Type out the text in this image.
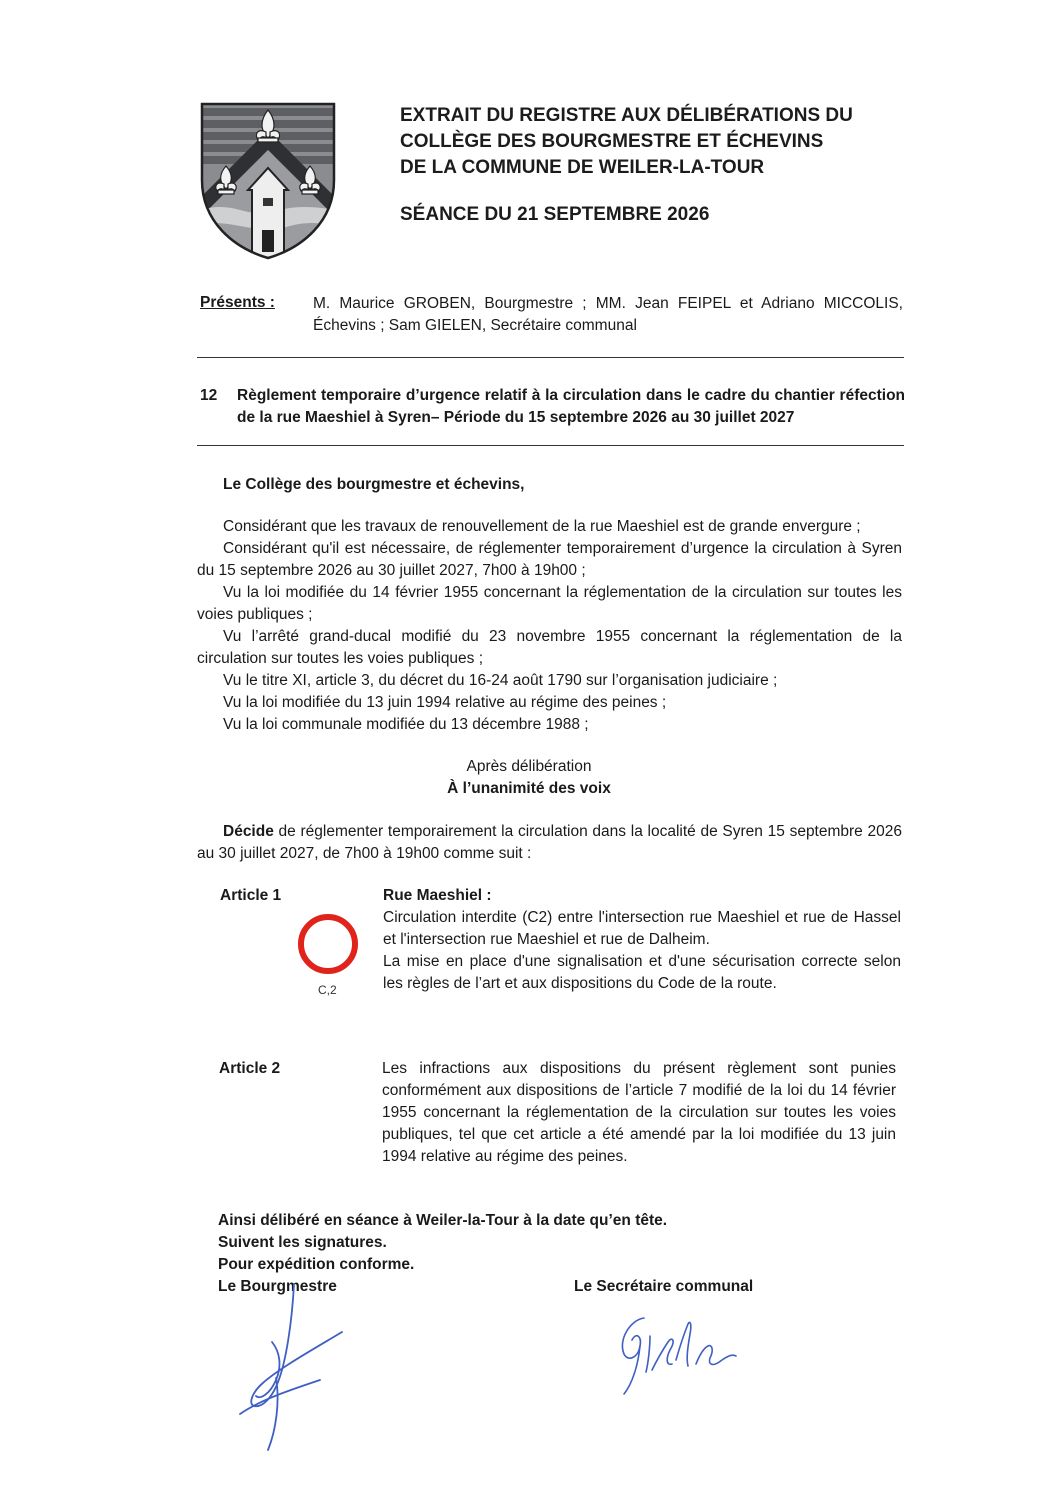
EXTRAIT DU REGISTRE AUX DÉLIBÉRATIONS DU
COLLÈGE DES BOURGMESTRE ET ÉCHEVINS
DE LA COMMUNE DE WEILER-LA-TOUR
SÉANCE DU 21 SEPTEMBRE 2026
Présents : M. Maurice GROBEN, Bourgmestre ; MM. Jean FEIPEL et Adriano MICCOLIS, Échevins ; Sam GIELEN, Secrétaire communal
12 Règlement temporaire d’urgence relatif à la circulation dans le cadre du chantier réfection de la rue Maeshiel à Syren– Période du 15 septembre 2026 au 30 juillet 2027
Le Collège des bourgmestre et échevins,

Considérant que les travaux de renouvellement de la rue Maeshiel est de grande envergure ;

Considérant qu'il est nécessaire, de réglementer temporairement d’urgence la circulation à Syren du 15 septembre 2026 au 30 juillet 2027, 7h00 à 19h00 ;

Vu la loi modifiée du 14 février 1955 concernant la réglementation de la circulation sur toutes les voies publiques ;

Vu l’arrêté grand-ducal modifié du 23 novembre 1955 concernant la réglementation de la circulation sur toutes les voies publiques ;

Vu le titre XI, article 3, du décret du 16-24 août 1790 sur l’organisation judiciaire ;

Vu la loi modifiée du 13 juin 1994 relative au régime des peines ;

Vu la loi communale modifiée du 13 décembre 1988 ;

Après délibération
À l’unanimité des voix
Décide de réglementer temporairement la circulation dans la localité de Syren 15 septembre 2026 au 30 juillet 2027, de 7h00 à 19h00 comme suit :
Article 1	Rue Maeshiel :

Circulation interdite (C2) entre l'intersection rue Maeshiel et rue de Hassel et l'intersection rue Maeshiel et rue de Dalheim.

La mise en place d'une signalisation et d'une sécurisation correcte selon les règles de l’art et aux dispositions du Code de la route.

C,2
Article 2	Les infractions aux dispositions du présent règlement sont punies conformément aux dispositions de l’article 7 modifié de la loi du 14 février 1955 concernant la réglementation de la circulation sur toutes les voies publiques, tel que cet article a été amendé par la loi modifiée du 13 juin 1994 relative au régime des peines.
Ainsi délibéré en séance à Weiler-la-Tour à la date qu’en tête.
Suivent les signatures.
Pour expédition conforme.
Le Bourgmestre	Le Secrétaire communal
